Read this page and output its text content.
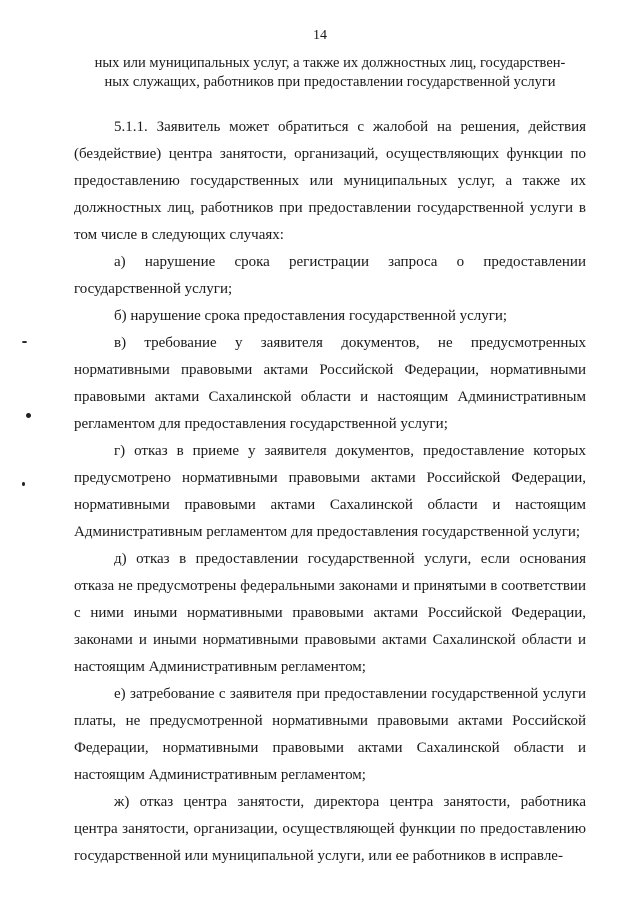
14
ных или муниципальных услуг, а также их должностных лиц, государствен-
ных служащих, работников при предоставлении государственной услуги

5.1.1. Заявитель может обратиться с жалобой на решения, действия (бездействие) центра занятости, организаций, осуществляющих функции по предоставлению государственных или муниципальных услуг, а также их должностных лиц, работников при предоставлении государственной услуги в том числе в следующих случаях:

а) нарушение срока регистрации запроса о предоставлении государственной услуги;

б) нарушение срока предоставления государственной услуги;

в) требование у заявителя документов, не предусмотренных нормативными правовыми актами Российской Федерации, нормативными правовыми актами Сахалинской области и настоящим Административным регламентом для предоставления государственной услуги;

г) отказ в приеме у заявителя документов, предоставление которых предусмотрено нормативными правовыми актами Российской Федерации, нормативными правовыми актами Сахалинской области и настоящим Административным регламентом для предоставления государственной услуги;

д) отказ в предоставлении государственной услуги, если основания отказа не предусмотрены федеральными законами и принятыми в соответствии с ними иными нормативными правовыми актами Российской Федерации, законами и иными нормативными правовыми актами Сахалинской области и настоящим Административным регламентом;

е) затребование с заявителя при предоставлении государственной услуги платы, не предусмотренной нормативными правовыми актами Российской Федерации, нормативными правовыми актами Сахалинской области и настоящим Административным регламентом;

ж) отказ центра занятости, директора центра занятости, работника центра занятости, организации, осуществляющей функции по предоставлению государственной или муниципальной услуги, или ее работников в исправле-
